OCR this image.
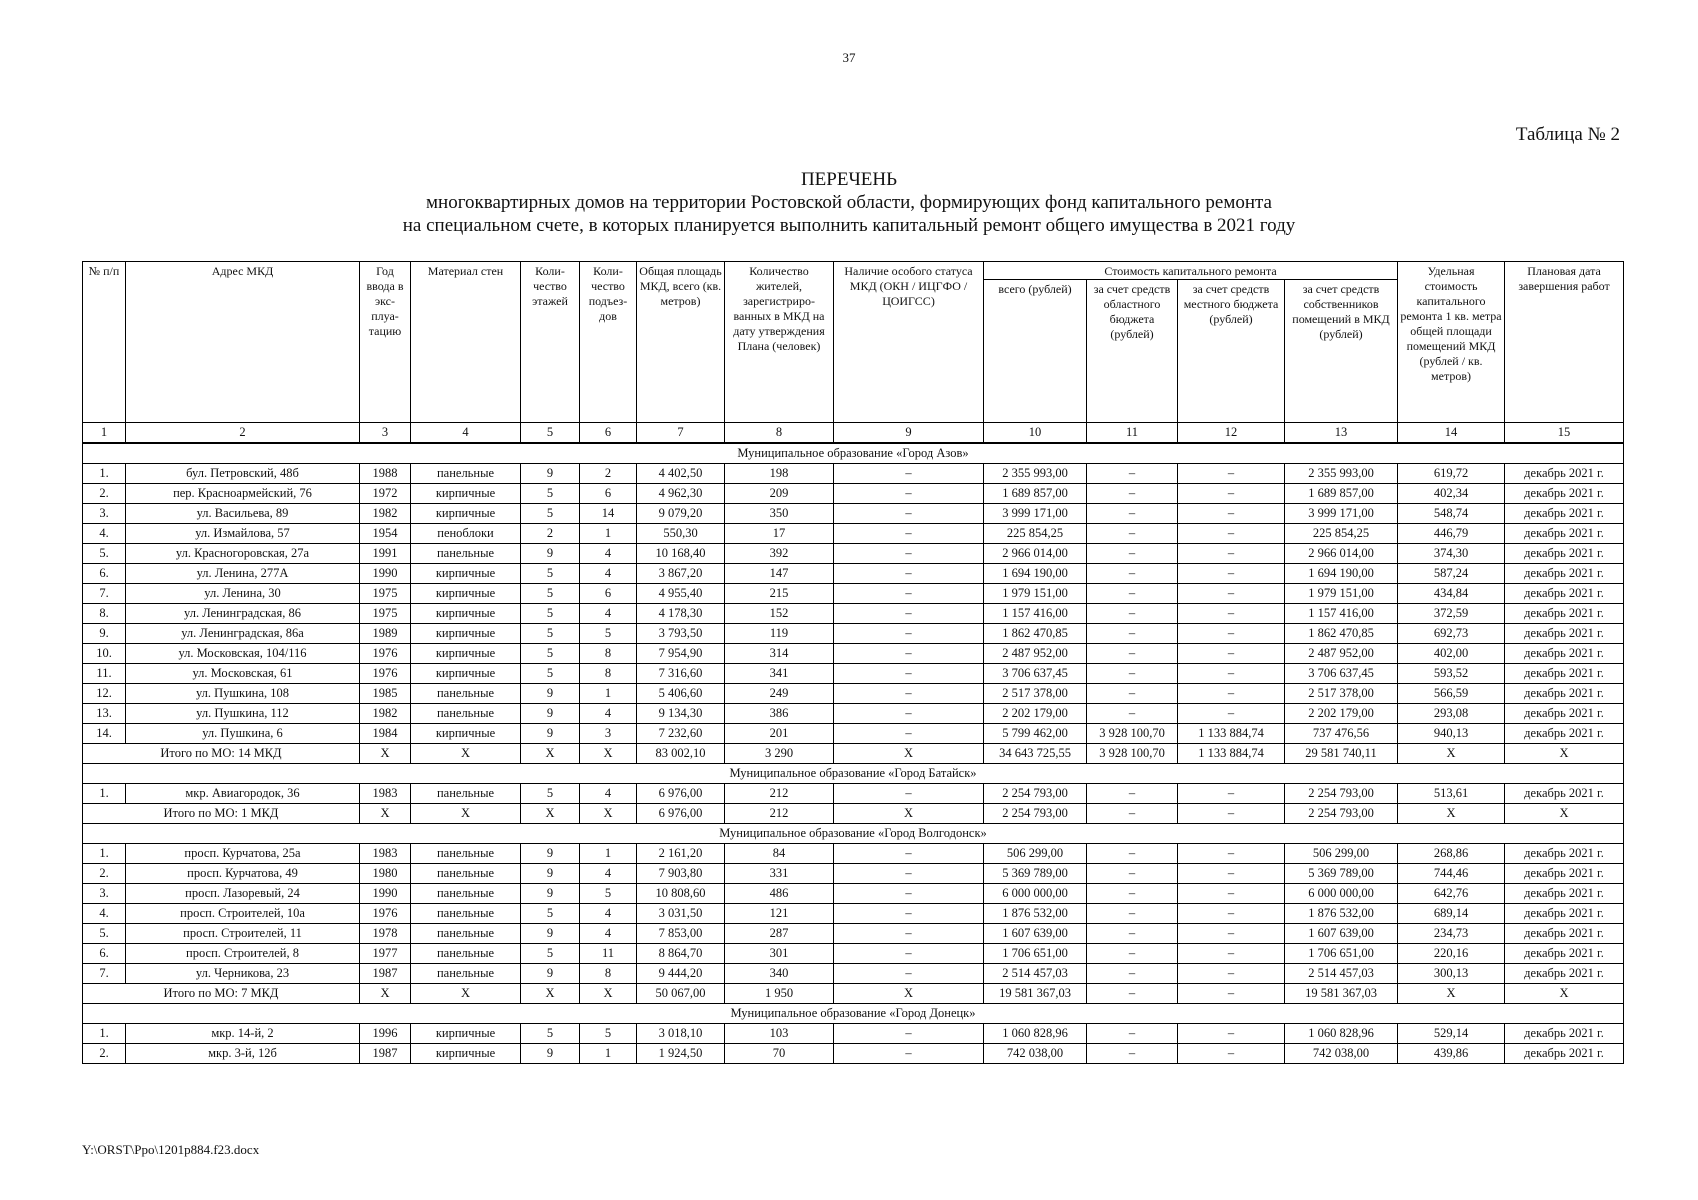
37
Таблица № 2
ПЕРЕЧЕНЬ
многоквартирных домов на территории Ростовской области, формирующих фонд капитального ремонта
на специальном счете, в которых планируется выполнить капитальный ремонт общего имущества в 2021 году
№ п/п	Адрес МКД	Год ввода в экс-плуа-тацию	Материал стен	Коли-чество этажей	Коли-чество подъез-дов	Общая площадь МКД, всего (кв. метров)	Количество жителей, зарегистриро-ванных в МКД на дату утверждения Плана (человек)	Наличие особого статуса МКД (ОКН / ИЦГФО / ЦОИГСС)	Стоимость капитального ремонта				Удельная стоимость капитального ремонта 1 кв. метра общей площади помещений МКД (рублей / кв. метров)	Плановая дата завершения работ
									всего (рублей)	за счет средств областного бюджета (рублей)	за счет средств местного бюджета (рублей)	за счет средств собственников помещений в МКД (рублей)		
1	2	3	4	5	6	7	8	9	10	11	12	13	14	15
Муниципальное образование «Город Азов»														
1.	бул. Петровский, 48б	1988	панельные	9	2	4 402,50	198	–	2 355 993,00	–	–	2 355 993,00	619,72	декабрь 2021 г.
2.	пер. Красноармейский, 76	1972	кирпичные	5	6	4 962,30	209	–	1 689 857,00	–	–	1 689 857,00	402,34	декабрь 2021 г.
3.	ул. Васильева, 89	1982	кирпичные	5	14	9 079,20	350	–	3 999 171,00	–	–	3 999 171,00	548,74	декабрь 2021 г.
4.	ул. Измайлова, 57	1954	пеноблоки	2	1	550,30	17	–	225 854,25	–	–	225 854,25	446,79	декабрь 2021 г.
5.	ул. Красногоровская, 27а	1991	панельные	9	4	10 168,40	392	–	2 966 014,00	–	–	2 966 014,00	374,30	декабрь 2021 г.
6.	ул. Ленина, 277А	1990	кирпичные	5	4	3 867,20	147	–	1 694 190,00	–	–	1 694 190,00	587,24	декабрь 2021 г.
7.	ул. Ленина, 30	1975	кирпичные	5	6	4 955,40	215	–	1 979 151,00	–	–	1 979 151,00	434,84	декабрь 2021 г.
8.	ул. Ленинградская, 86	1975	кирпичные	5	4	4 178,30	152	–	1 157 416,00	–	–	1 157 416,00	372,59	декабрь 2021 г.
9.	ул. Ленинградская, 86а	1989	кирпичные	5	5	3 793,50	119	–	1 862 470,85	–	–	1 862 470,85	692,73	декабрь 2021 г.
10.	ул. Московская, 104/116	1976	кирпичные	5	8	7 954,90	314	–	2 487 952,00	–	–	2 487 952,00	402,00	декабрь 2021 г.
11.	ул. Московская, 61	1976	кирпичные	5	8	7 316,60	341	–	3 706 637,45	–	–	3 706 637,45	593,52	декабрь 2021 г.
12.	ул. Пушкина, 108	1985	панельные	9	1	5 406,60	249	–	2 517 378,00	–	–	2 517 378,00	566,59	декабрь 2021 г.
13.	ул. Пушкина, 112	1982	панельные	9	4	9 134,30	386	–	2 202 179,00	–	–	2 202 179,00	293,08	декабрь 2021 г.
14.	ул. Пушкина, 6	1984	кирпичные	9	3	7 232,60	201	–	5 799 462,00	3 928 100,70	1 133 884,74	737 476,56	940,13	декабрь 2021 г.
Итого по МО: 14 МКД		X	X	X	X	83 002,10	3 290	X	34 643 725,55	3 928 100,70	1 133 884,74	29 581 740,11	X	X
Муниципальное образование «Город Батайск»														
1.	мкр. Авиагородок, 36	1983	панельные	5	4	6 976,00	212	–	2 254 793,00	–	–	2 254 793,00	513,61	декабрь 2021 г.
Итого по МО: 1 МКД		X	X	X	X	6 976,00	212	X	2 254 793,00	–	–	2 254 793,00	X	X
Муниципальное образование «Город Волгодонск»														
1.	просп. Курчатова, 25а	1983	панельные	9	1	2 161,20	84	–	506 299,00	–	–	506 299,00	268,86	декабрь 2021 г.
2.	просп. Курчатова, 49	1980	панельные	9	4	7 903,80	331	–	5 369 789,00	–	–	5 369 789,00	744,46	декабрь 2021 г.
3.	просп. Лазоревый, 24	1990	панельные	9	5	10 808,60	486	–	6 000 000,00	–	–	6 000 000,00	642,76	декабрь 2021 г.
4.	просп. Строителей, 10а	1976	панельные	5	4	3 031,50	121	–	1 876 532,00	–	–	1 876 532,00	689,14	декабрь 2021 г.
5.	просп. Строителей, 11	1978	панельные	9	4	7 853,00	287	–	1 607 639,00	–	–	1 607 639,00	234,73	декабрь 2021 г.
6.	просп. Строителей, 8	1977	панельные	5	11	8 864,70	301	–	1 706 651,00	–	–	1 706 651,00	220,16	декабрь 2021 г.
7.	ул. Черникова, 23	1987	панельные	9	8	9 444,20	340	–	2 514 457,03	–	–	2 514 457,03	300,13	декабрь 2021 г.
Итого по МО: 7 МКД		X	X	X	X	50 067,00	1 950	X	19 581 367,03	–	–	19 581 367,03	X	X
Муниципальное образование «Город Донецк»														
1.	мкр. 14-й, 2	1996	кирпичные	5	5	3 018,10	103	–	1 060 828,96	–	–	1 060 828,96	529,14	декабрь 2021 г.
2.	мкр. 3-й, 12б	1987	кирпичные	9	1	1 924,50	70	–	742 038,00	–	–	742 038,00	439,86	декабрь 2021 г.
Y:\ORST\Ppo\1201p884.f23.docx
